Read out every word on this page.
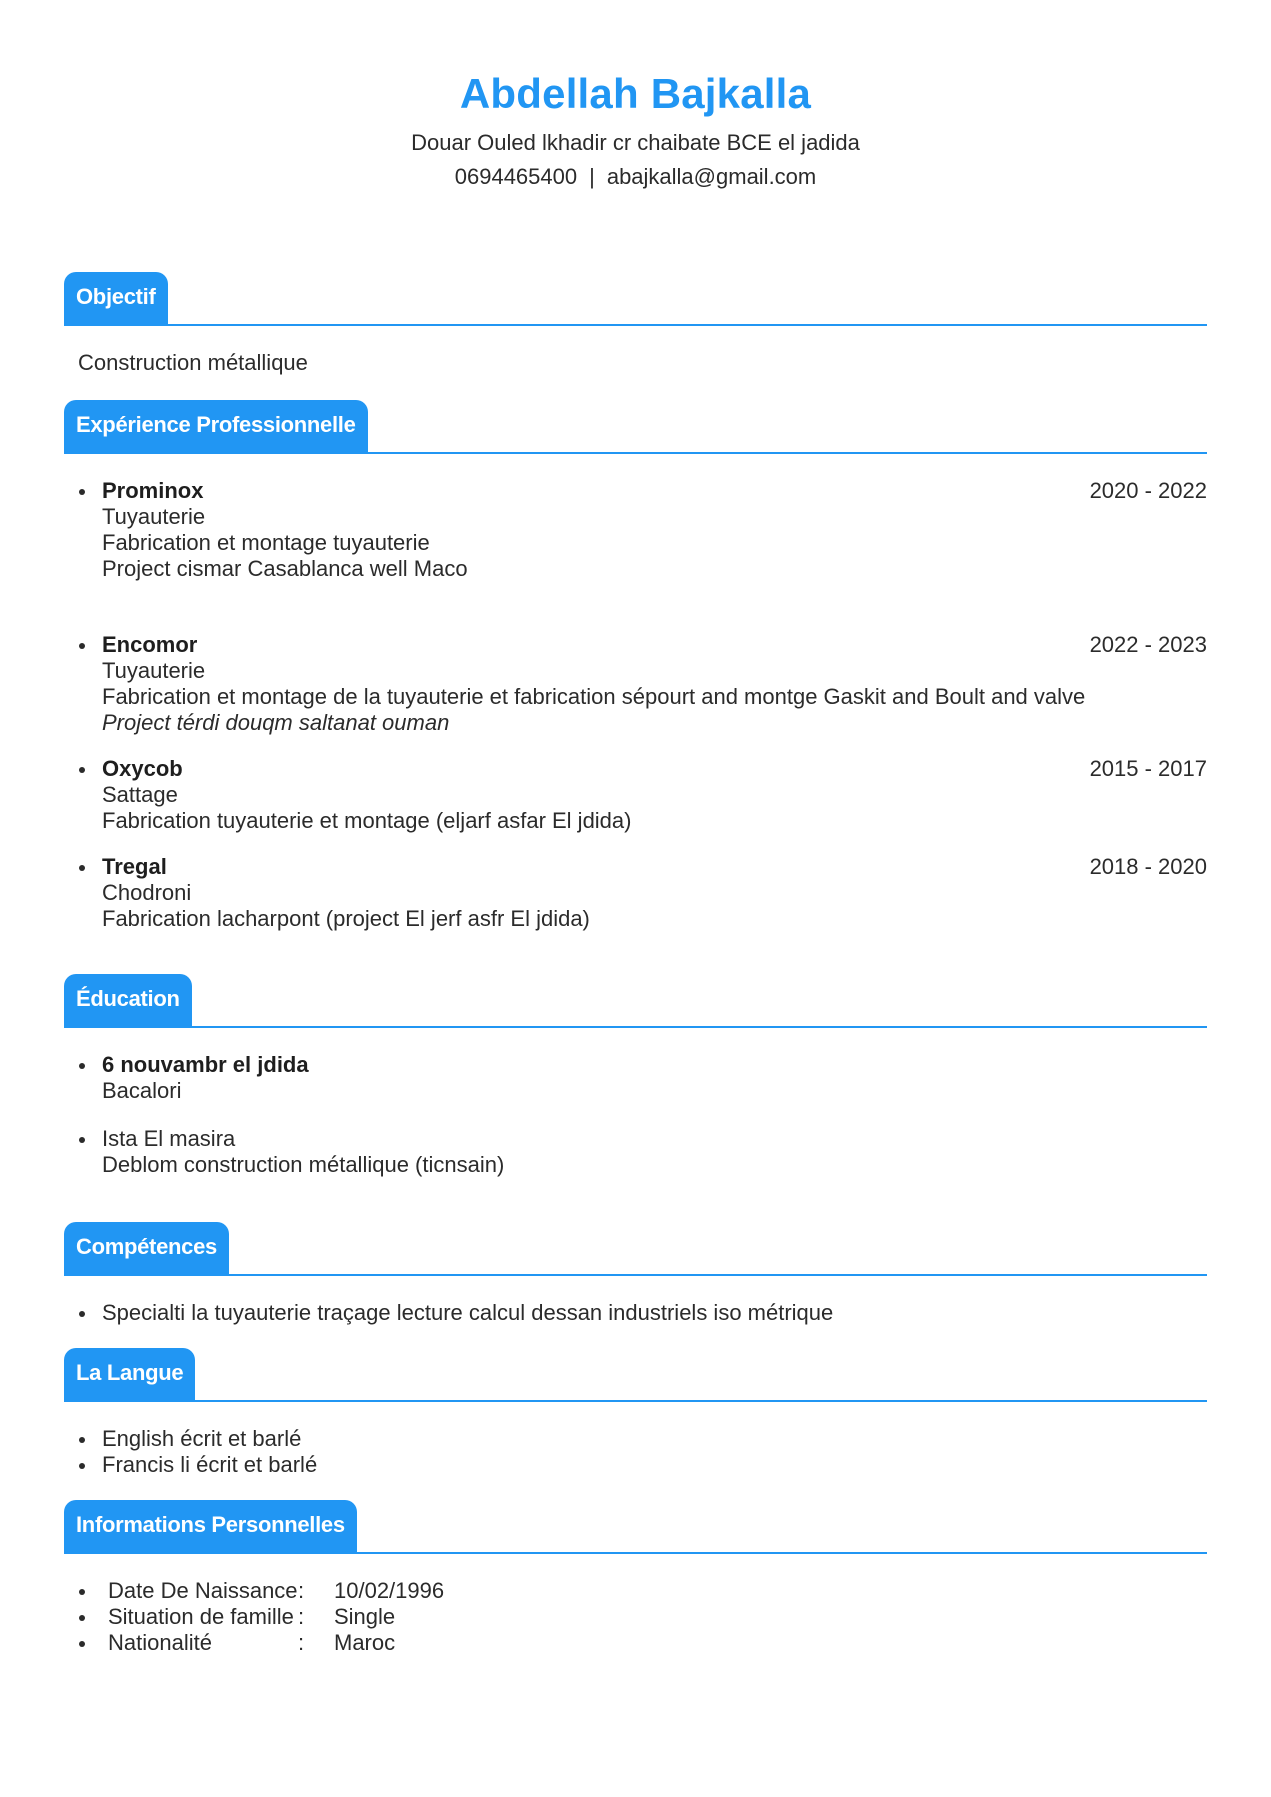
Abdellah Bajkalla
Douar Ouled lkhadir cr chaibate BCE el jadida
0694465400 | abajkalla@gmail.com
Objectif
Construction métallique
Expérience Professionnelle
Prominox	2020 - 2022
Tuyauterie
Fabrication et montage tuyauterie
Project cismar Casablanca well Maco
Encomor	2022 - 2023
Tuyauterie
Fabrication et montage de la tuyauterie et fabrication sépourt and montge Gaskit and Boult and valve
Project térdi douqm saltanat ouman
Oxycob	2015 - 2017
Sattage
Fabrication tuyauterie et montage (eljarf asfar El jdida)
Tregal	2018 - 2020
Chodroni
Fabrication lacharpont (project El jerf asfr El jdida)
Éducation
6 nouvambr el jdida
Bacalori
Ista El masira
Deblom construction métallique (ticnsain)
Compétences
Specialti la tuyauterie traçage lecture calcul dessan industriels iso métrique
La Langue
English écrit et barlé
Francis li écrit et barlé
Informations Personnelles
Date De Naissance :	10/02/1996
Situation de famille :	Single
Nationalité	:	Maroc
